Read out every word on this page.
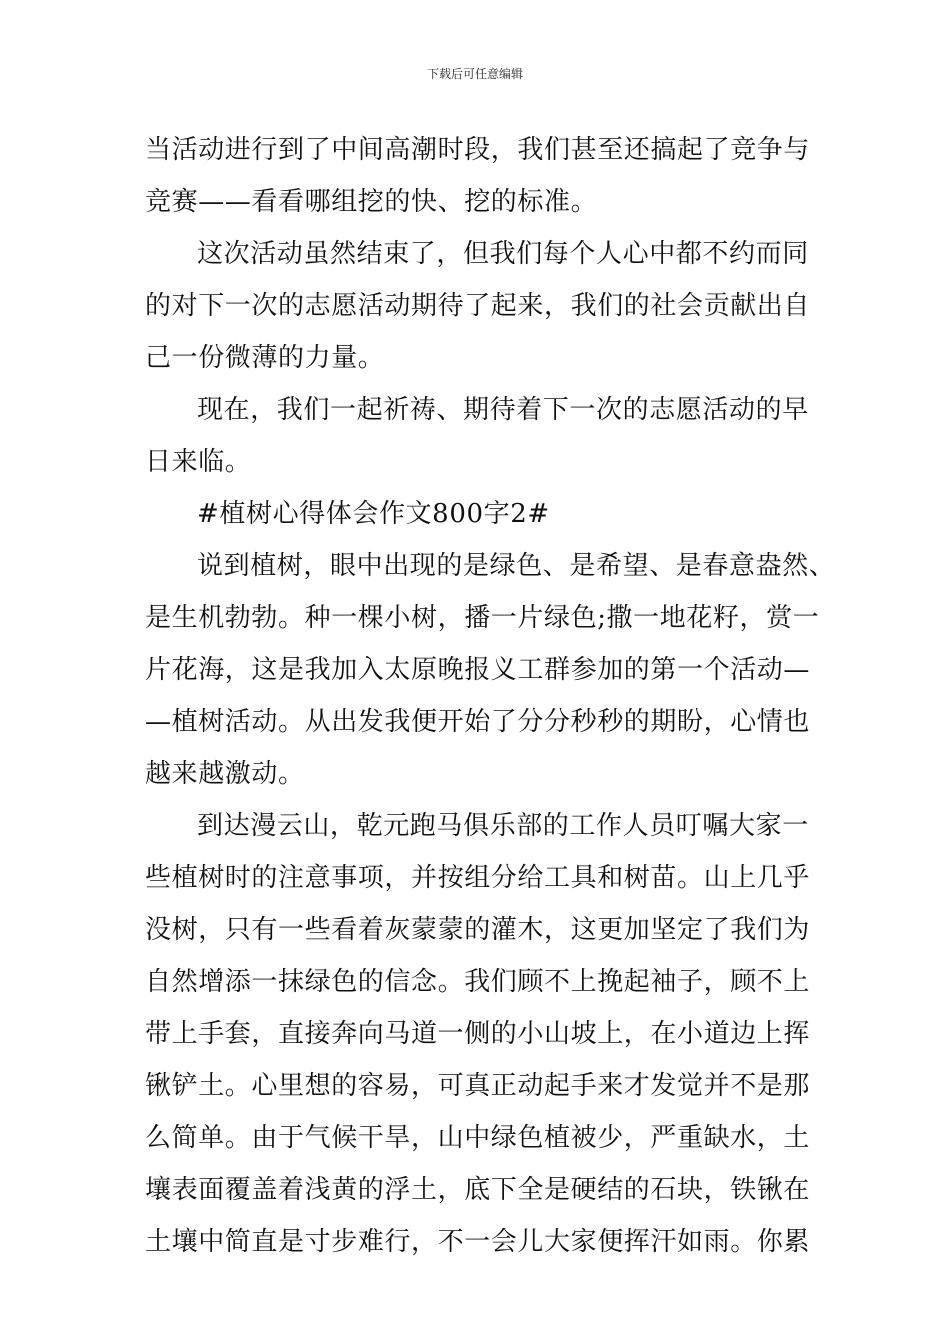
下载后可任意编辑
当活动进行到了中间高潮时段，我们甚至还搞起了竞争与
竞赛——看看哪组挖的快、挖的标准。
这次活动虽然结束了，但我们每个人心中都不约而同
的对下一次的志愿活动期待了起来，我们的社会贡献出自
己一份微薄的力量。
现在，我们一起祈祷、期待着下一次的志愿活动的早
日来临。
#植树心得体会作文800字2#
说到植树，眼中出现的是绿色、是希望、是春意盎然、
是生机勃勃。种一棵小树，播一片绿色;撒一地花籽，赏一
片花海，这是我加入太原晚报义工群参加的第一个活动—
—植树活动。从出发我便开始了分分秒秒的期盼，心情也
越来越激动。
到达漫云山，乾元跑马俱乐部的工作人员叮嘱大家一
些植树时的注意事项，并按组分给工具和树苗。山上几乎
没树，只有一些看着灰蒙蒙的灌木，这更加坚定了我们为
自然增添一抹绿色的信念。我们顾不上挽起袖子，顾不上
带上手套，直接奔向马道一侧的小山坡上，在小道边上挥
锹铲土。心里想的容易，可真正动起手来才发觉并不是那
么简单。由于气候干旱，山中绿色植被少，严重缺水，土
壤表面覆盖着浅黄的浮土，底下全是硬结的石块，铁锹在
土壤中简直是寸步难行，不一会儿大家便挥汗如雨。你累
